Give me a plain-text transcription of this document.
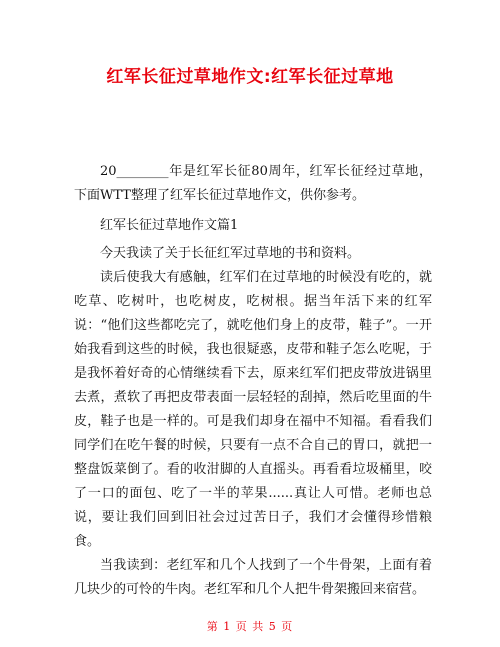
红军长征过草地作文:红军长征过草地

20________年是红军长征80周年，红军长征经过草地，下面WTT整理了红军长征过草地作文，供你参考。

红军长征过草地作文篇1

今天我读了关于长征红军过草地的书和资料。

读后使我大有感触，红军们在过草地的时候没有吃的，就吃草、吃树叶，也吃树皮，吃树根。据当年活下来的红军说：“他们这些都吃完了，就吃他们身上的皮带，鞋子”。一开始我看到这些的时候，我也很疑惑，皮带和鞋子怎么吃呢，于是我怀着好奇的心情继续看下去，原来红军们把皮带放进锅里去煮，煮软了再把皮带表面一层轻轻的刮掉，然后吃里面的牛皮，鞋子也是一样的。可是我们却身在福中不知福。看看我们同学们在吃午餐的时候，只要有一点不合自己的胃口，就把一整盘饭菜倒了。看的收泔脚的人直摇头。再看看垃圾桶里，咬了一口的面包、吃了一半的苹果......真让人可惜。老师也总说，要让我们回到旧社会过过苦日子，我们才会懂得珍惜粮食。

当我读到：老红军和几个人找到了一个牛骨架，上面有着几块少的可怜的牛肉。老红军和几个人把牛骨架搬回来宿营。

第 1 页 共 5 页
